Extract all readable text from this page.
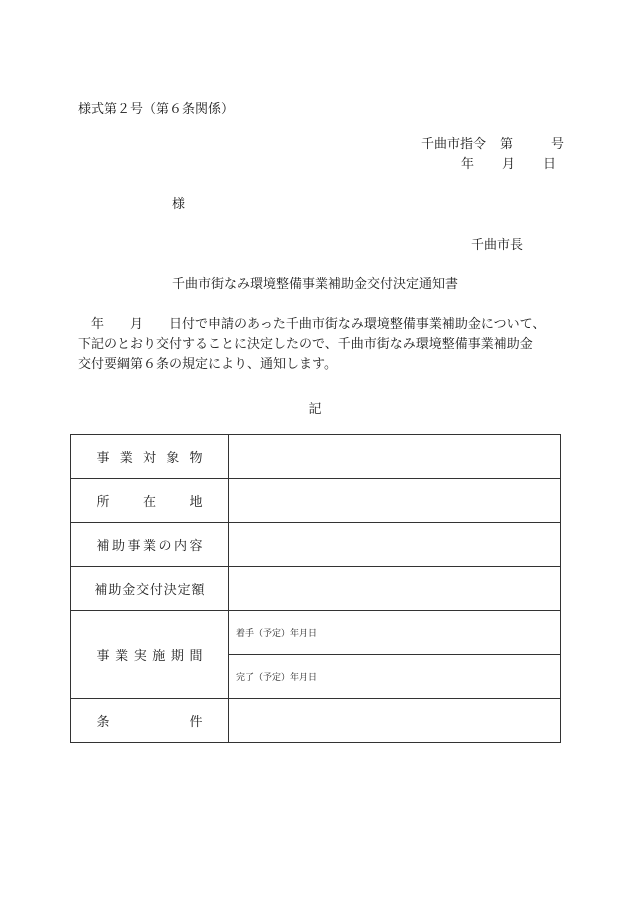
様式第２号（第６条関係）
千曲市指令 第	号
年 月 日
様
千曲市長
千曲市街なみ環境整備事業補助金交付決定通知書
　年　　月　　日付で申請のあった千曲市街なみ環境整備事業補助金について、
下記のとおり交付することに決定したので、千曲市街なみ環境整備事業補助金
交付要綱第６条の規定により、通知します。
記
事業対象物	
所在地	
補助事業の内容	
補助金交付決定額	
事業実施期間	着手（予定）年月日
	完了（予定）年月日
条件	
